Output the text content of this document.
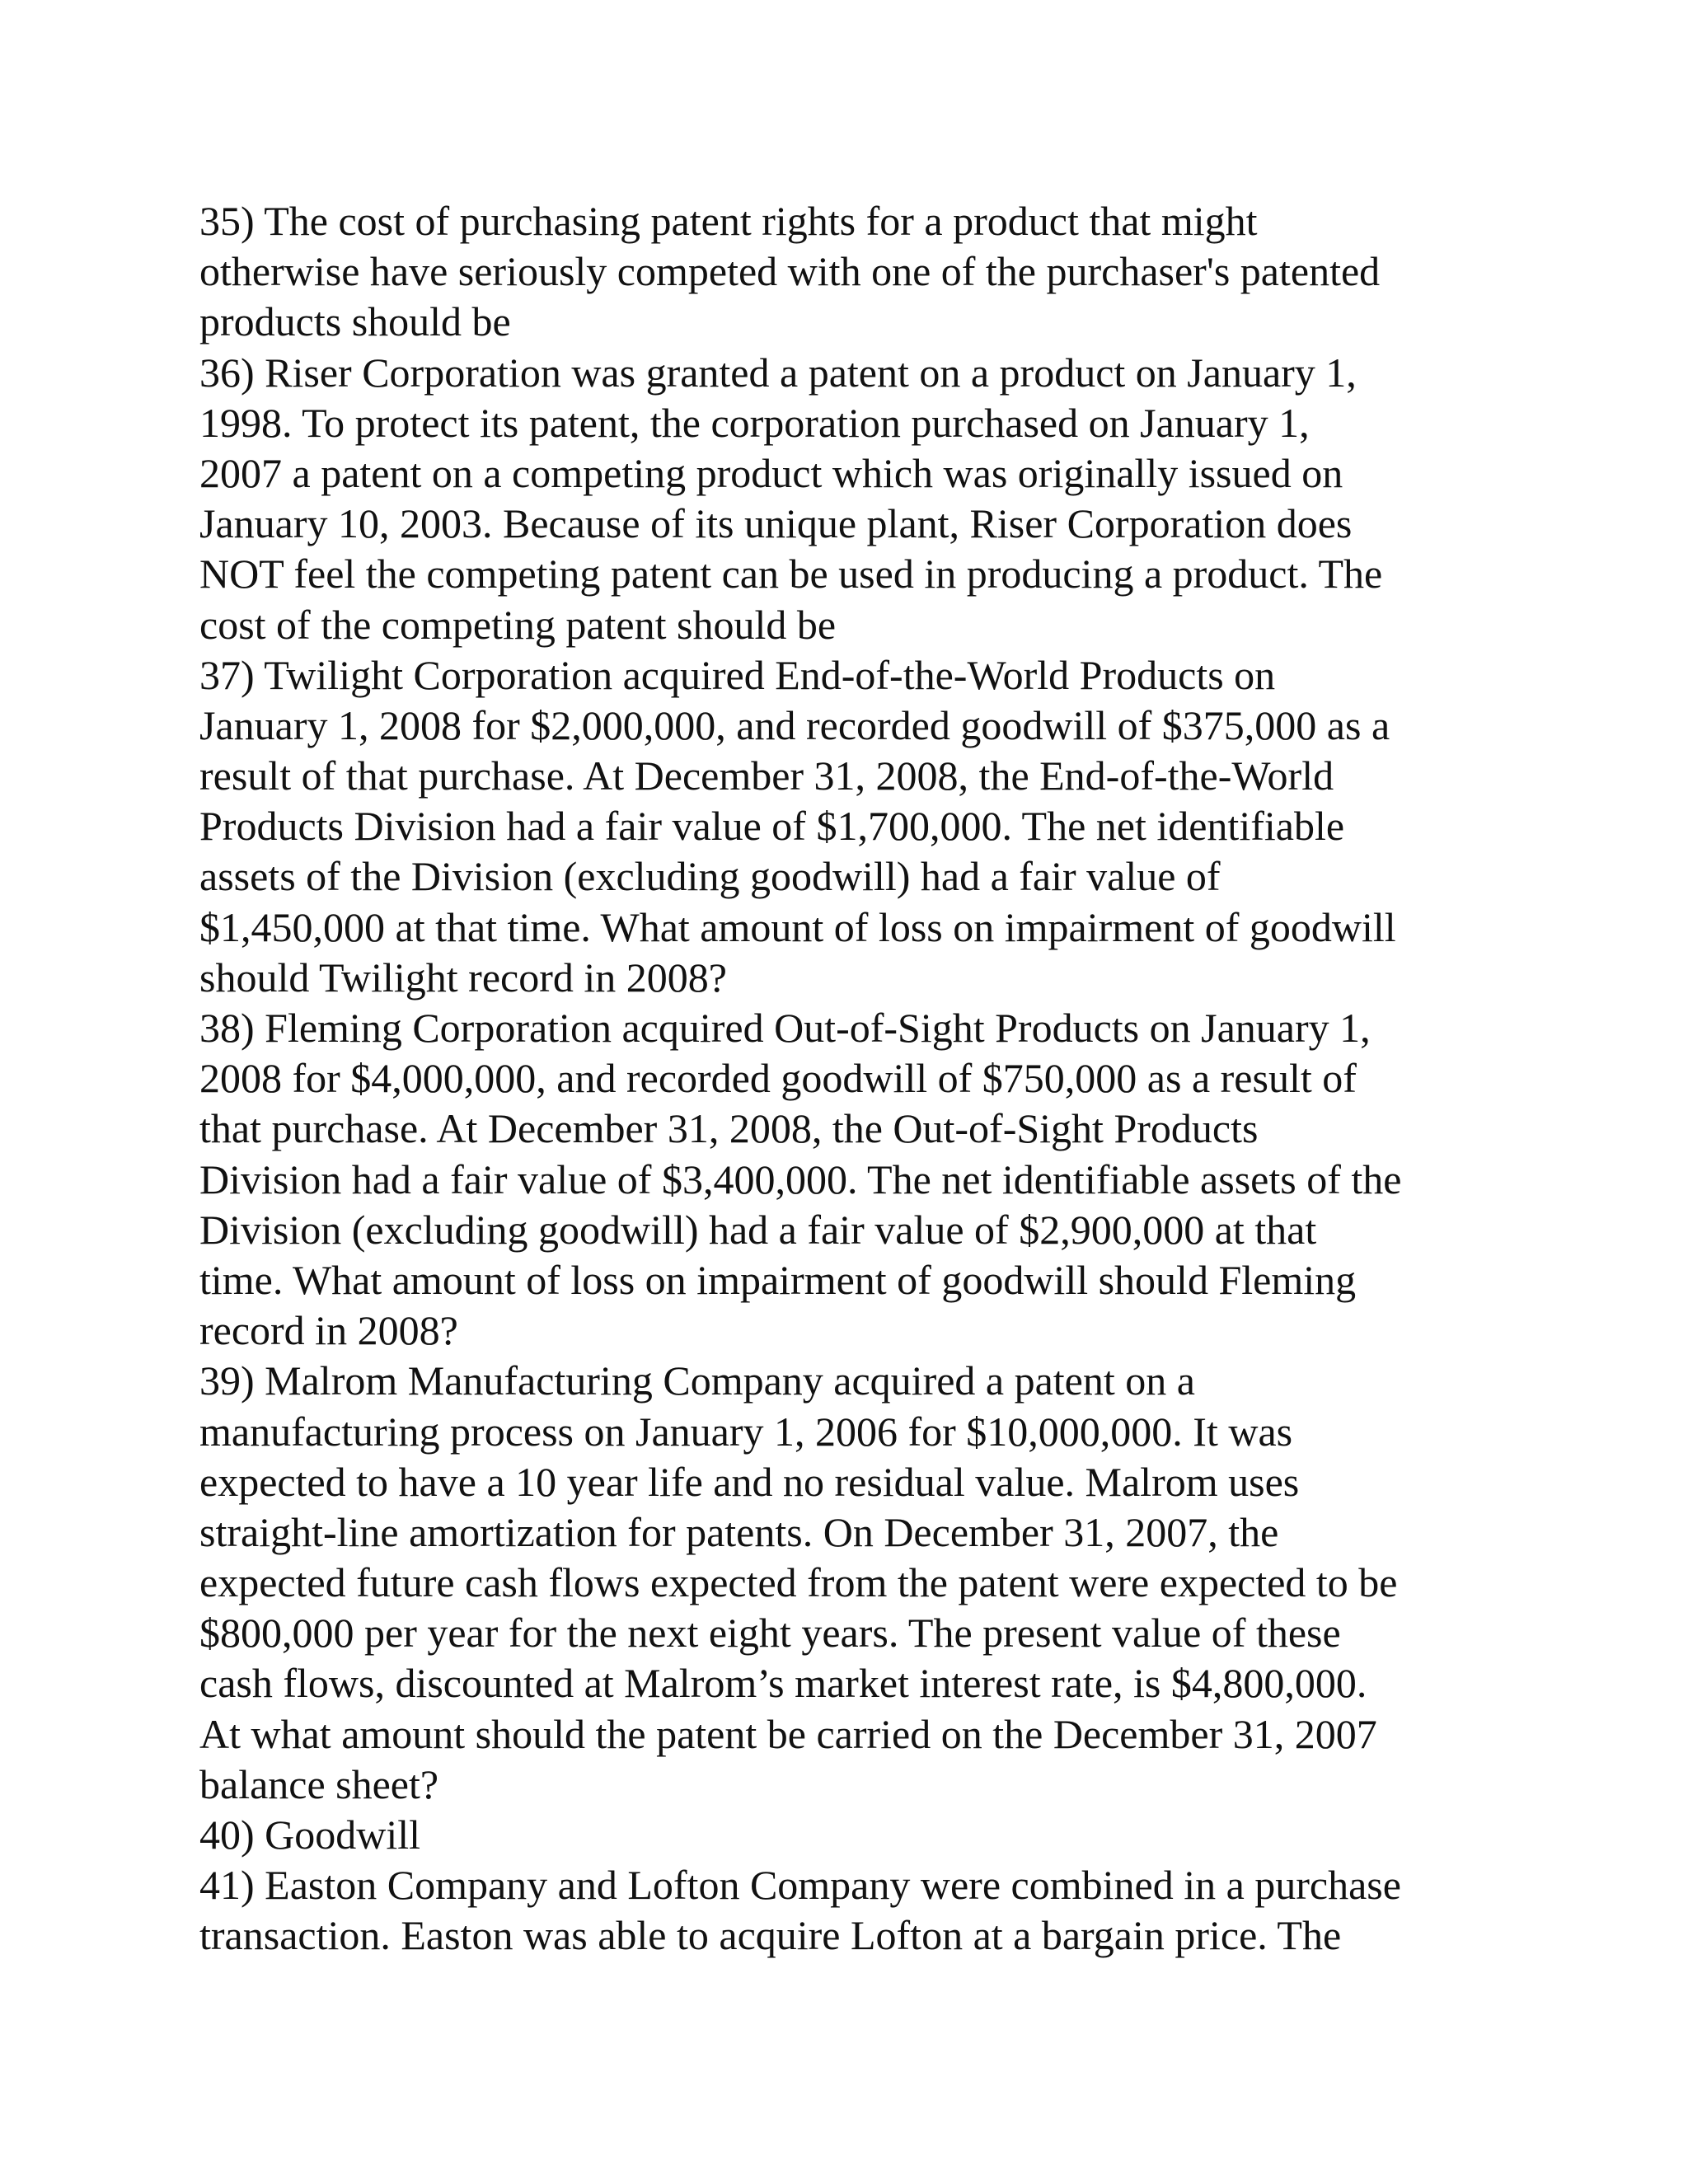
35) The cost of purchasing patent rights for a product that might
otherwise have seriously competed with one of the purchaser's patented
products should be
36) Riser Corporation was granted a patent on a product on January 1,
1998. To protect its patent, the corporation purchased on January 1,
2007 a patent on a competing product which was originally issued on
January 10, 2003. Because of its unique plant, Riser Corporation does
NOT feel the competing patent can be used in producing a product. The
cost of the competing patent should be
37) Twilight Corporation acquired End-of-the-World Products on
January 1, 2008 for $2,000,000, and recorded goodwill of $375,000 as a
result of that purchase. At December 31, 2008, the End-of-the-World
Products Division had a fair value of $1,700,000. The net identifiable
assets of the Division (excluding goodwill) had a fair value of
$1,450,000 at that time. What amount of loss on impairment of goodwill
should Twilight record in 2008?
38) Fleming Corporation acquired Out-of-Sight Products on January 1,
2008 for $4,000,000, and recorded goodwill of $750,000 as a result of
that purchase. At December 31, 2008, the Out-of-Sight Products
Division had a fair value of $3,400,000. The net identifiable assets of the
Division (excluding goodwill) had a fair value of $2,900,000 at that
time. What amount of loss on impairment of goodwill should Fleming
record in 2008?
39) Malrom Manufacturing Company acquired a patent on a
manufacturing process on January 1, 2006 for $10,000,000. It was
expected to have a 10 year life and no residual value. Malrom uses
straight-line amortization for patents. On December 31, 2007, the
expected future cash flows expected from the patent were expected to be
$800,000 per year for the next eight years. The present value of these
cash flows, discounted at Malrom’s market interest rate, is $4,800,000.
At what amount should the patent be carried on the December 31, 2007
balance sheet?
40) Goodwill
41) Easton Company and Lofton Company were combined in a purchase
transaction. Easton was able to acquire Lofton at a bargain price. The
